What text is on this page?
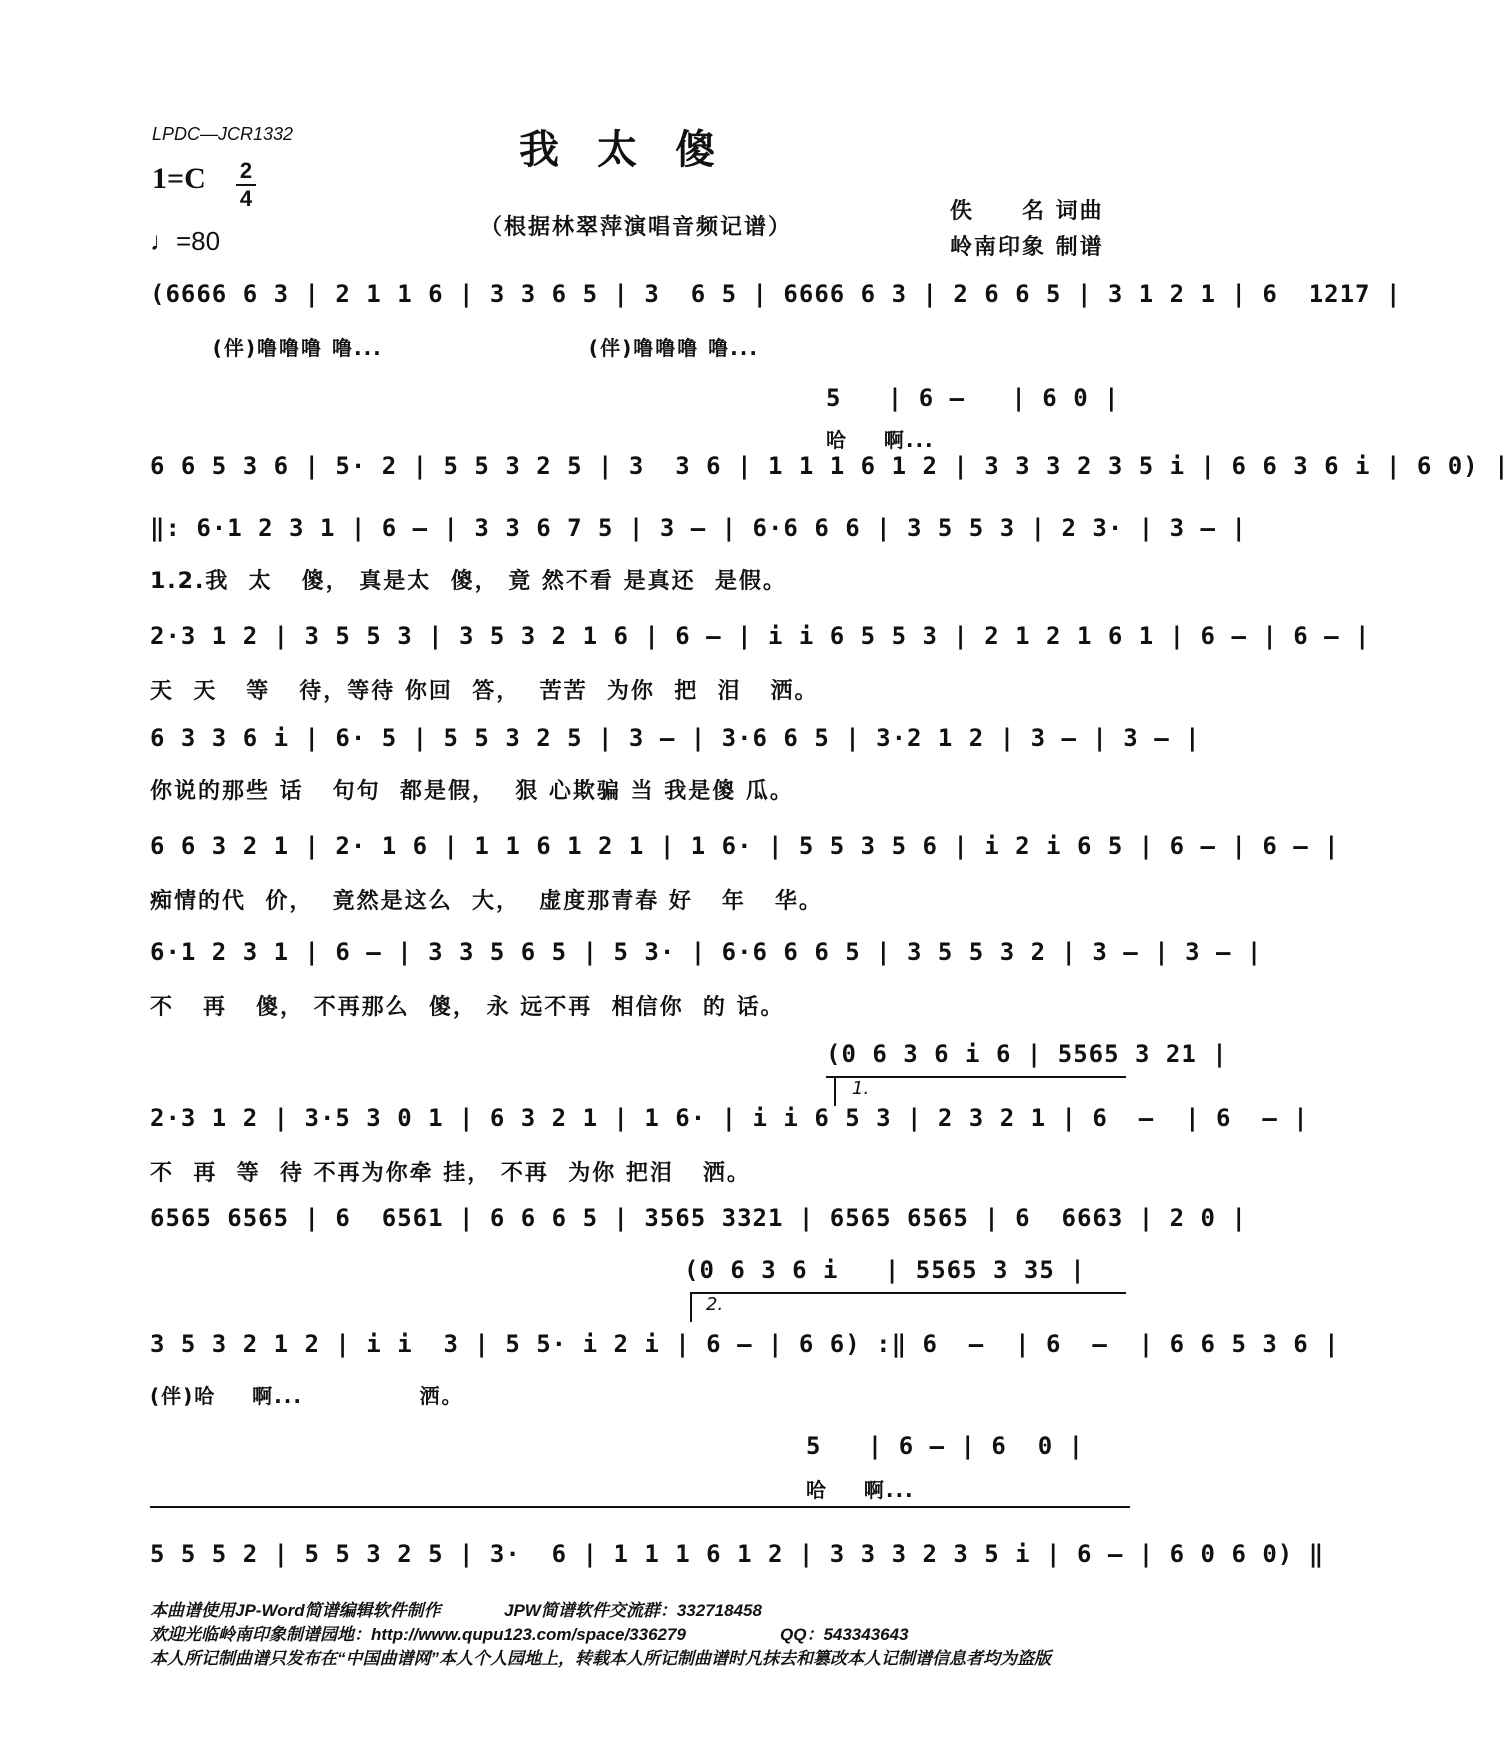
LPDC—JCR1332	我太傻
1=C 2
4
♩=80	（根据林翠萍演唱音频记谱）
佚　　名 词曲
岭南印象 制谱
(6666 6 3 | 2 1 1 6 | 3 3 6 5 | 3  6 5 | 6666 6 3 | 2 6 6 5 | 3 1 2 1 | 6  1217 |
(伴)噜噜噜 噜...                       (伴)噜噜噜 噜...
5   | 6 –   | 6 0 |
哈    啊...
6 6 5 3 6 | 5· 2 | 5 5 3 2 5 | 3  3 6 | 1 1 1 6 1 2 | 3 3 3 2 3 5 i | 6 6 3 6 i | 6 0) |
‖: 6·1 2 3 1 | 6 – | 3 3 6 7 5 | 3 – | 6·6 6 6 | 3 5 5 3 | 2 3· | 3 – |
1.2.我  太   傻， 真是太  傻， 竟 然不看 是真还  是假。
2·3 1 2 | 3 5 5 3 | 3 5 3 2 1 6 | 6 – | i i 6 5 5 3 | 2 1 2 1 6 1 | 6 – | 6 – |
天  天   等   待，等待 你回  答，  苦苦  为你  把  泪   洒。
6 3 3 6 i | 6· 5 | 5 5 3 2 5 | 3 – | 3·6 6 5 | 3·2 1 2 | 3 – | 3 – |
你说的那些 话   句句  都是假，  狠 心欺骗 当 我是傻 瓜。
6 6 3 2 1 | 2· 1 6 | 1 1 6 1 2 1 | 1 6· | 5 5 3 5 6 | i 2 i 6 5 | 6 – | 6 – |
痴情的代  价，  竟然是这么  大，  虚度那青春 好   年   华。
6·1 2 3 1 | 6 – | 3 3 5 6 5 | 5 3· | 6·6 6 6 5 | 3 5 5 3 2 | 3 – | 3 – |
不   再   傻， 不再那么  傻， 永 远不再  相信你  的 话。
(0 6 3 6 i 6 | 5565 3 21 |
1.
2·3 1 2 | 3·5 3 0 1 | 6 3 2 1 | 1 6· | i i 6 5 3 | 2 3 2 1 | 6  –  | 6  – |
不  再  等  待 不再为你牵 挂， 不再  为你 把泪   洒。
6565 6565 | 6  6561 | 6 6 6 5 | 3565 3321 | 6565 6565 | 6  6663 | 2 0 |
(0 6 3 6 i   | 5565 3 35 |
2.
3 5 3 2 1 2 | i i  3 | 5 5· i 2 i | 6 – | 6 6) :‖ 6  –  | 6  –  | 6 6 5 3 6 |
(伴)哈    啊...             洒。
5   | 6 – | 6  0 |
哈    啊...
5 5 5 2 | 5 5 3 2 5 | 3·  6 | 1 1 1 6 1 2 | 3 3 3 2 3 5 i | 6 – | 6 0 6 0) ‖
本曲谱使用JP-Word简谱编辑软件制作	JPW简谱软件交流群：332718458
欢迎光临岭南印象制谱园地：http://www.qupu123.com/space/336279	QQ：543343643
本人所记制曲谱只发布在“中国曲谱网”本人个人园地上，转载本人所记制曲谱时凡抹去和篡改本人记制谱信息者均为盗版
